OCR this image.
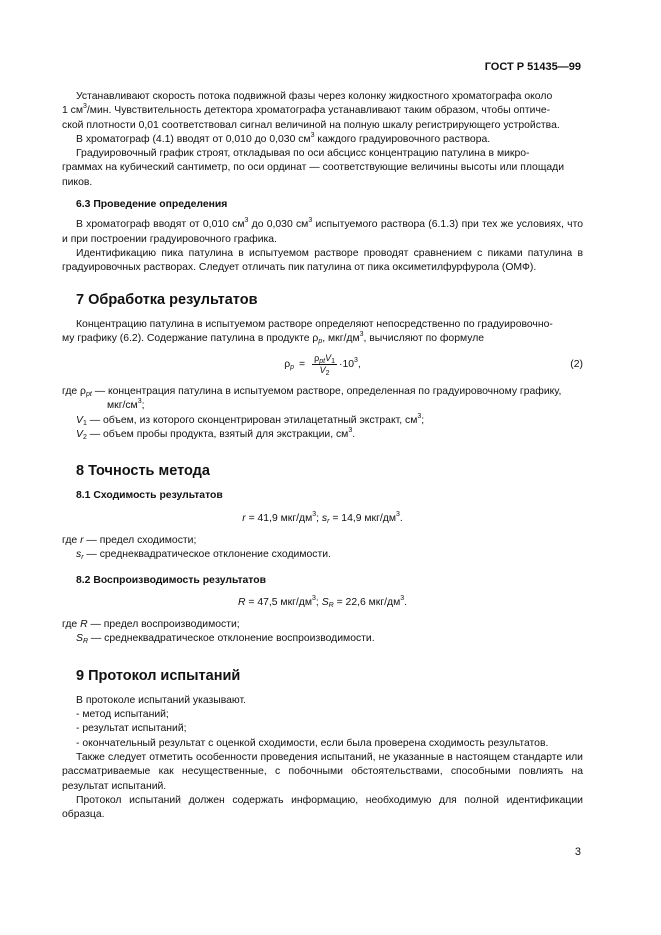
ГОСТ Р 51435—99

Устанавливают скорость потока подвижной фазы через колонку жидкостного хроматографа около
1 $см^3$/мин. Чувствительность детектора хроматографа устанавливают таким образом, чтобы оптиче-
ской плотности 0,01 соответствовал сигнал величиной на полную шкалу регистрирующего устройства.

В хроматограф (4.1) вводят от 0,010 до 0,030 $см^3$ каждого градуировочного раствора.

Градуировочный график строят, откладывая по оси абсцисс концентрацию патулина в микро-
граммах на кубический сантиметр, по оси ординат — соответствующие величины высоты или площади
пиков.

6.3 Проведение определения

В хроматограф вводят от 0,010 $см^3$ до 0,030 $см^3$ испытуемого раствора (6.1.3) при тех же условиях, что и при построении градуировочного графика.

Идентификацию пика патулина в испытуемом растворе проводят сравнением с пиками патулина в градуировочных растворах. Следует отличать пик патулина от пика оксиметилфурфурола (ОМФ).

7 Обработка результатов

Концентрацию патулина в испытуемом растворе определяют непосредственно по градуировочно-
му графику (6.2). Содержание патулина в продукте $\rho_p$, мкг/$дм^3$, вычисляют по формуле

$\rho_p = \frac{\rho_{pt}V_1}{V_2} \cdot 10^3$,	(2)
где $\rho_{pt}$ — концентрация патулина в испытуемом растворе, определенная по градуировочному графику,
мкг/$см^3$;
$V_1$ — объем, из которого сконцентрирован этилацетатный экстракт, $см^3$;
$V_2$ — объем пробы продукта, взятый для экстракции, $см^3$.
8 Точность метода
8.1 Сходимость результатов
r = 41,9 мкг/$дм^3$; $s_r = 14,9$ мкг/$дм^3$.
где r — предел сходимости;
$s_r$ — среднеквадратическое отклонение сходимости.
8.2 Воспроизводимость результатов
R = 47,5 мкг/$дм^3$; $S_R = 22,6$ мкг/$дм^3$.
где R — предел воспроизводимости;
$S_R$ — среднеквадратическое отклонение воспроизводимости.
9 Протокол испытаний

В протоколе испытаний указывают.

- метод испытаний;

- результат испытаний;

- окончательный результат с оценкой сходимости, если была проверена сходимость результатов.

Также следует отметить особенности проведения испытаний, не указанные в настоящем стандарте или рассматриваемые как несущественные, с побочными обстоятельствами, способными повлиять на результат испытаний.

Протокол испытаний должен содержать информацию, необходимую для полной идентификации образца.

3
